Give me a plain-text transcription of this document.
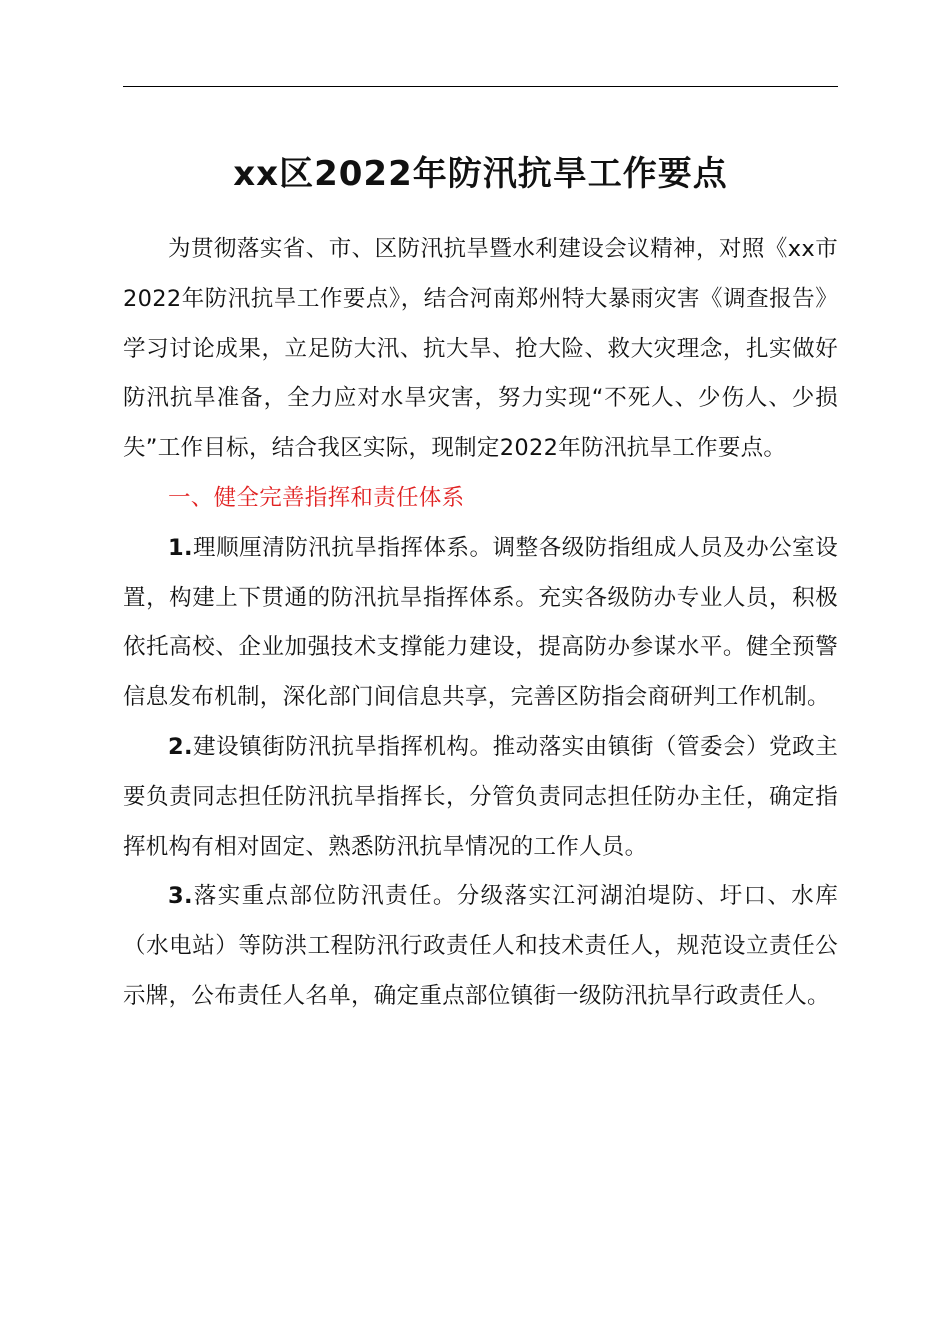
xx区2022年防汛抗旱工作要点

为贯彻落实省、市、区防汛抗旱暨水利建设会议精神，对照《xx市2022年防汛抗旱工作要点》，结合河南郑州特大暴雨灾害《调查报告》学习讨论成果，立足防大汛、抗大旱、抢大险、救大灾理念，扎实做好防汛抗旱准备，全力应对水旱灾害，努力实现“不死人、少伤人、少损失”工作目标，结合我区实际，现制定2022年防汛抗旱工作要点。

一、健全完善指挥和责任体系

1.理顺厘清防汛抗旱指挥体系。调整各级防指组成人员及办公室设置，构建上下贯通的防汛抗旱指挥体系。充实各级防办专业人员，积极依托高校、企业加强技术支撑能力建设，提高防办参谋水平。健全预警信息发布机制，深化部门间信息共享，完善区防指会商研判工作机制。

2.建设镇街防汛抗旱指挥机构。推动落实由镇街（管委会）党政主要负责同志担任防汛抗旱指挥长，分管负责同志担任防办主任，确定指挥机构有相对固定、熟悉防汛抗旱情况的工作人员。

3.落实重点部位防汛责任。分级落实江河湖泊堤防、圩口、水库（水电站）等防洪工程防汛行政责任人和技术责任人，规范设立责任公示牌，公布责任人名单，确定重点部位镇街一级防汛抗旱行政责任人。
